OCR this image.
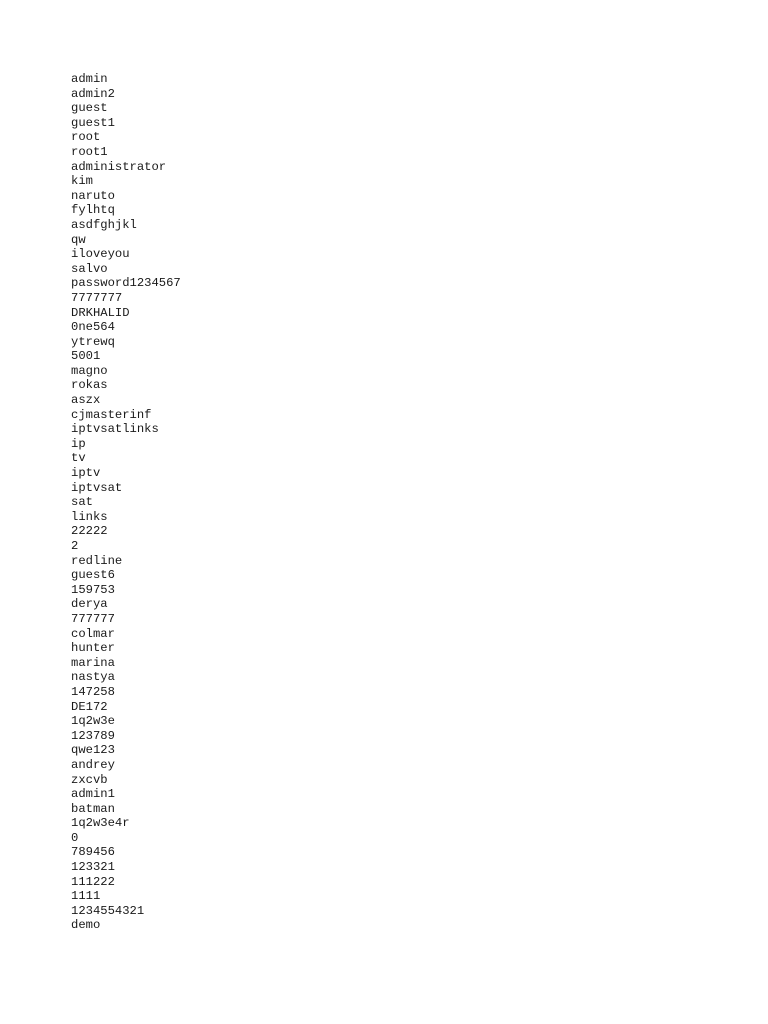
admin
admin2
guest
guest1
root
root1
administrator
kim
naruto
fylhtq
asdfghjkl
qw
iloveyou
salvo
password1234567
7777777
DRKHALID
0ne564
ytrewq
5001
magno
rokas
aszx
cjmasterinf
iptvsatlinks
ip
tv
iptv
iptvsat
sat
links
22222
2
redline
guest6
159753
derya
777777
colmar
hunter
marina
nastya
147258
DE172
1q2w3e
123789
qwe123
andrey
zxcvb
admin1
batman
1q2w3e4r
0
789456
123321
111222
1111
1234554321
demo
